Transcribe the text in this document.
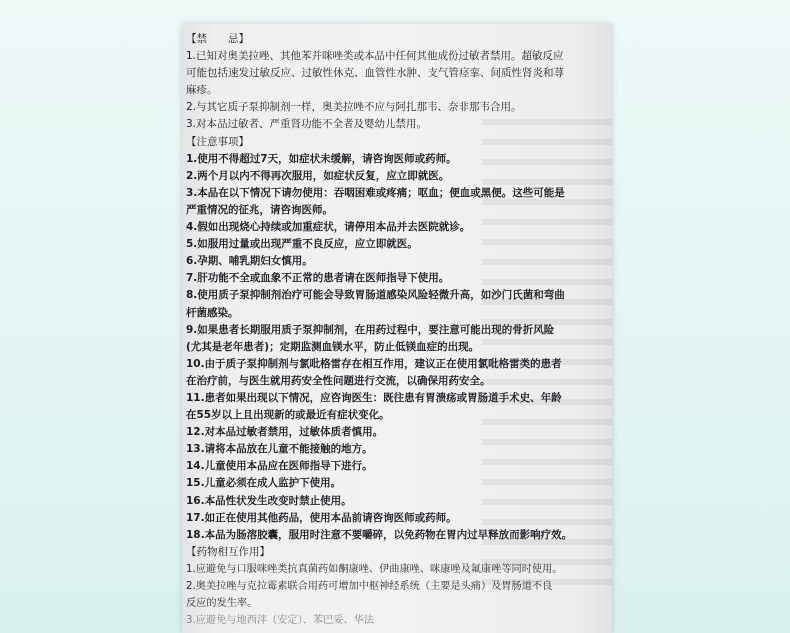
【禁　　忌】
1.已知对奥美拉唑、其他苯并咪唑类或本品中任何其他成份过敏者禁用。超敏反应
可能包括速发过敏反应、过敏性休克、血管性水肿、支气管痉挛、间质性肾炎和荨
麻疹。
2.与其它质子泵抑制剂一样，奥美拉唑不应与阿扎那韦、奈非那韦合用。
3.对本品过敏者、严重肾功能不全者及婴幼儿禁用。
【注意事项】
1.使用不得超过7天，如症状未缓解，请咨询医师或药师。
2.两个月以内不得再次服用，如症状反复，应立即就医。
3.本品在以下情况下请勿使用：吞咽困难或疼痛；呕血；便血或黑便。这些可能是
严重情况的征兆，请咨询医师。
4.假如出现烧心持续或加重症状，请停用本品并去医院就诊。
5.如服用过量或出现严重不良反应，应立即就医。
6.孕期、哺乳期妇女慎用。
7.肝功能不全或血象不正常的患者请在医师指导下使用。
8.使用质子泵抑制剂治疗可能会导致胃肠道感染风险轻微升高，如沙门氏菌和弯曲
杆菌感染。
9.如果患者长期服用质子泵抑制剂，在用药过程中，要注意可能出现的骨折风险
(尤其是老年患者)；定期监测血镁水平，防止低镁血症的出现。
10.由于质子泵抑制剂与氯吡格雷存在相互作用，建议正在使用氯吡格雷类的患者
在治疗前，与医生就用药安全性问题进行交流，以确保用药安全。
11.患者如果出现以下情况，应咨询医生：既往患有胃溃疡或胃肠道手术史、年龄
在55岁以上且出现新的或最近有症状变化。
12.对本品过敏者禁用，过敏体质者慎用。
13.请将本品放在儿童不能接触的地方。
14.儿童使用本品应在医师指导下进行。
15.儿童必须在成人监护下使用。
16.本品性状发生改变时禁止使用。
17.如正在使用其他药品，使用本品前请咨询医师或药师。
18.本品为肠溶胶囊，服用时注意不要嚼碎，以免药物在胃内过早释放而影响疗效。
【药物相互作用】
1.应避免与口服咪唑类抗真菌药如酮康唑、伊曲康唑、咪康唑及氟康唑等同时使用。
2.奥美拉唑与克拉霉素联合用药可增加中枢神经系统（主要是头痛）及胃肠道不良
反应的发生率。
3.应避免与地西泮（安定）、苯巴妥、华法
